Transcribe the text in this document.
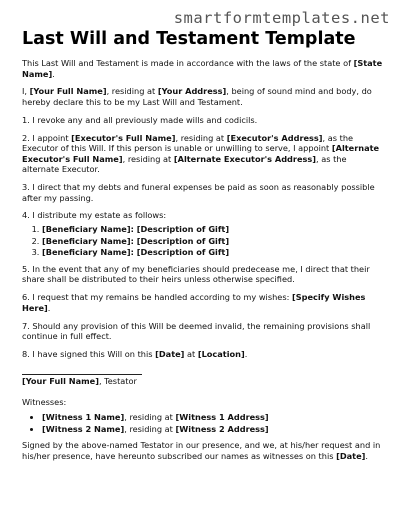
smartformtemplates.net
Last Will and Testament Template

This Last Will and Testament is made in accordance with the laws of the state of [State Name].

I, [Your Full Name], residing at [Your Address], being of sound mind and body, do hereby declare this to be my Last Will and Testament.

1. I revoke any and all previously made wills and codicils.

2. I appoint [Executor's Full Name], residing at [Executor's Address], as the Executor of this Will. If this person is unable or unwilling to serve, I appoint [Alternate Executor's Full Name], residing at [Alternate Executor's Address], as the alternate Executor.

3. I direct that my debts and funeral expenses be paid as soon as reasonably possible after my passing.

4. I distribute my estate as follows:

1. [Beneficiary Name]: [Description of Gift]
2. [Beneficiary Name]: [Description of Gift]
3. [Beneficiary Name]: [Description of Gift]

5. In the event that any of my beneficiaries should predecease me, I direct that their share shall be distributed to their heirs unless otherwise specified.

6. I request that my remains be handled according to my wishes: [Specify Wishes Here].

7. Should any provision of this Will be deemed invalid, the remaining provisions shall continue in full effect.

8. I have signed this Will on this [Date] at [Location].

[Your Full Name], Testator

Witnesses:

• [Witness 1 Name], residing at [Witness 1 Address]
• [Witness 2 Name], residing at [Witness 2 Address]

Signed by the above-named Testator in our presence, and we, at his/her request and in his/her presence, have hereunto subscribed our names as witnesses on this [Date].
